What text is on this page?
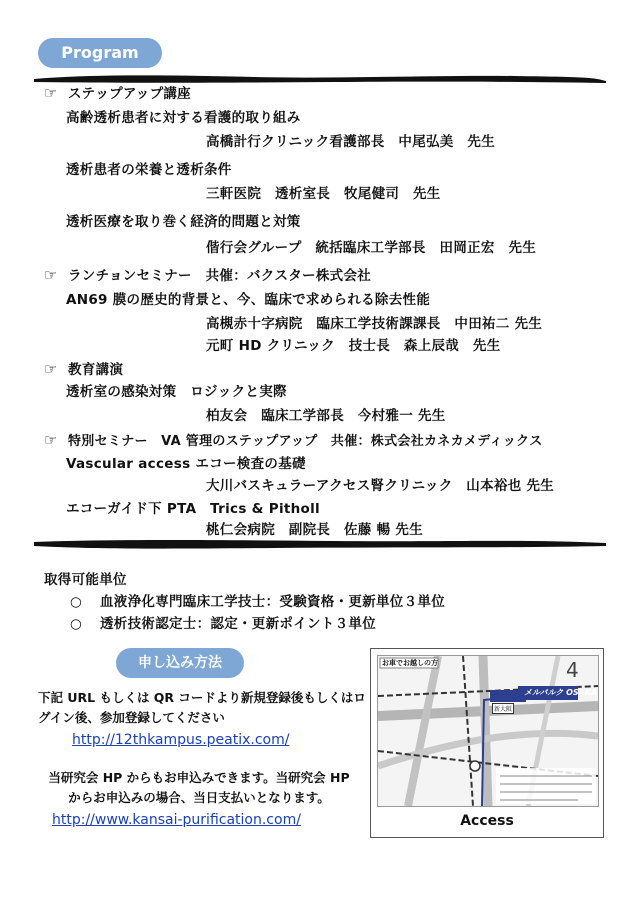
Program
☞ ステップアップ講座
高齢透析患者に対する看護的取り組み
高橋計行クリニック看護部長　中尾弘美　先生
透析患者の栄養と透析条件
三軒医院　透析室長　牧尾健司　先生
透析医療を取り巻く経済的問題と対策
偕行会グループ　統括臨床工学部長　田岡正宏　先生
☞ ランチョンセミナー　共催：バクスター株式会社
AN69 膜の歴史的背景と、今、臨床で求められる除去性能
高槻赤十字病院　臨床工学技術課課長　中田祐二 先生
元町 HD クリニック　技士長　森上辰哉　先生
☞ 教育講演
透析室の感染対策　ロジックと実際
柏友会　臨床工学部長　今村雅一 先生
☞ 特別セミナー　VA 管理のステップアップ　共催：株式会社カネカメディックス
Vascular access エコー検査の基礎
大川バスキュラーアクセス腎クリニック　山本裕也 先生
エコーガイド下 PTA　Trics & Pitholl
桃仁会病院　副院長　佐藤 暢 先生
取得可能単位
○ 血液浄化専門臨床工学技士：受験資格・更新単位３単位
○ 透析技術認定士：認定・更新ポイント３単位
申し込み方法
下記 URL もしくは QR コードより新規登録後もしくはロ
グイン後、参加登録してください
http://12thkampus.peatix.com/
当研究会 HP からもお申込みできます。当研究会 HP
からお申込みの場合、当日支払いとなります。
http://www.kansai-purification.com/
お車でお越しの方
メルパルク OSAKA
4
新大阪
Access
